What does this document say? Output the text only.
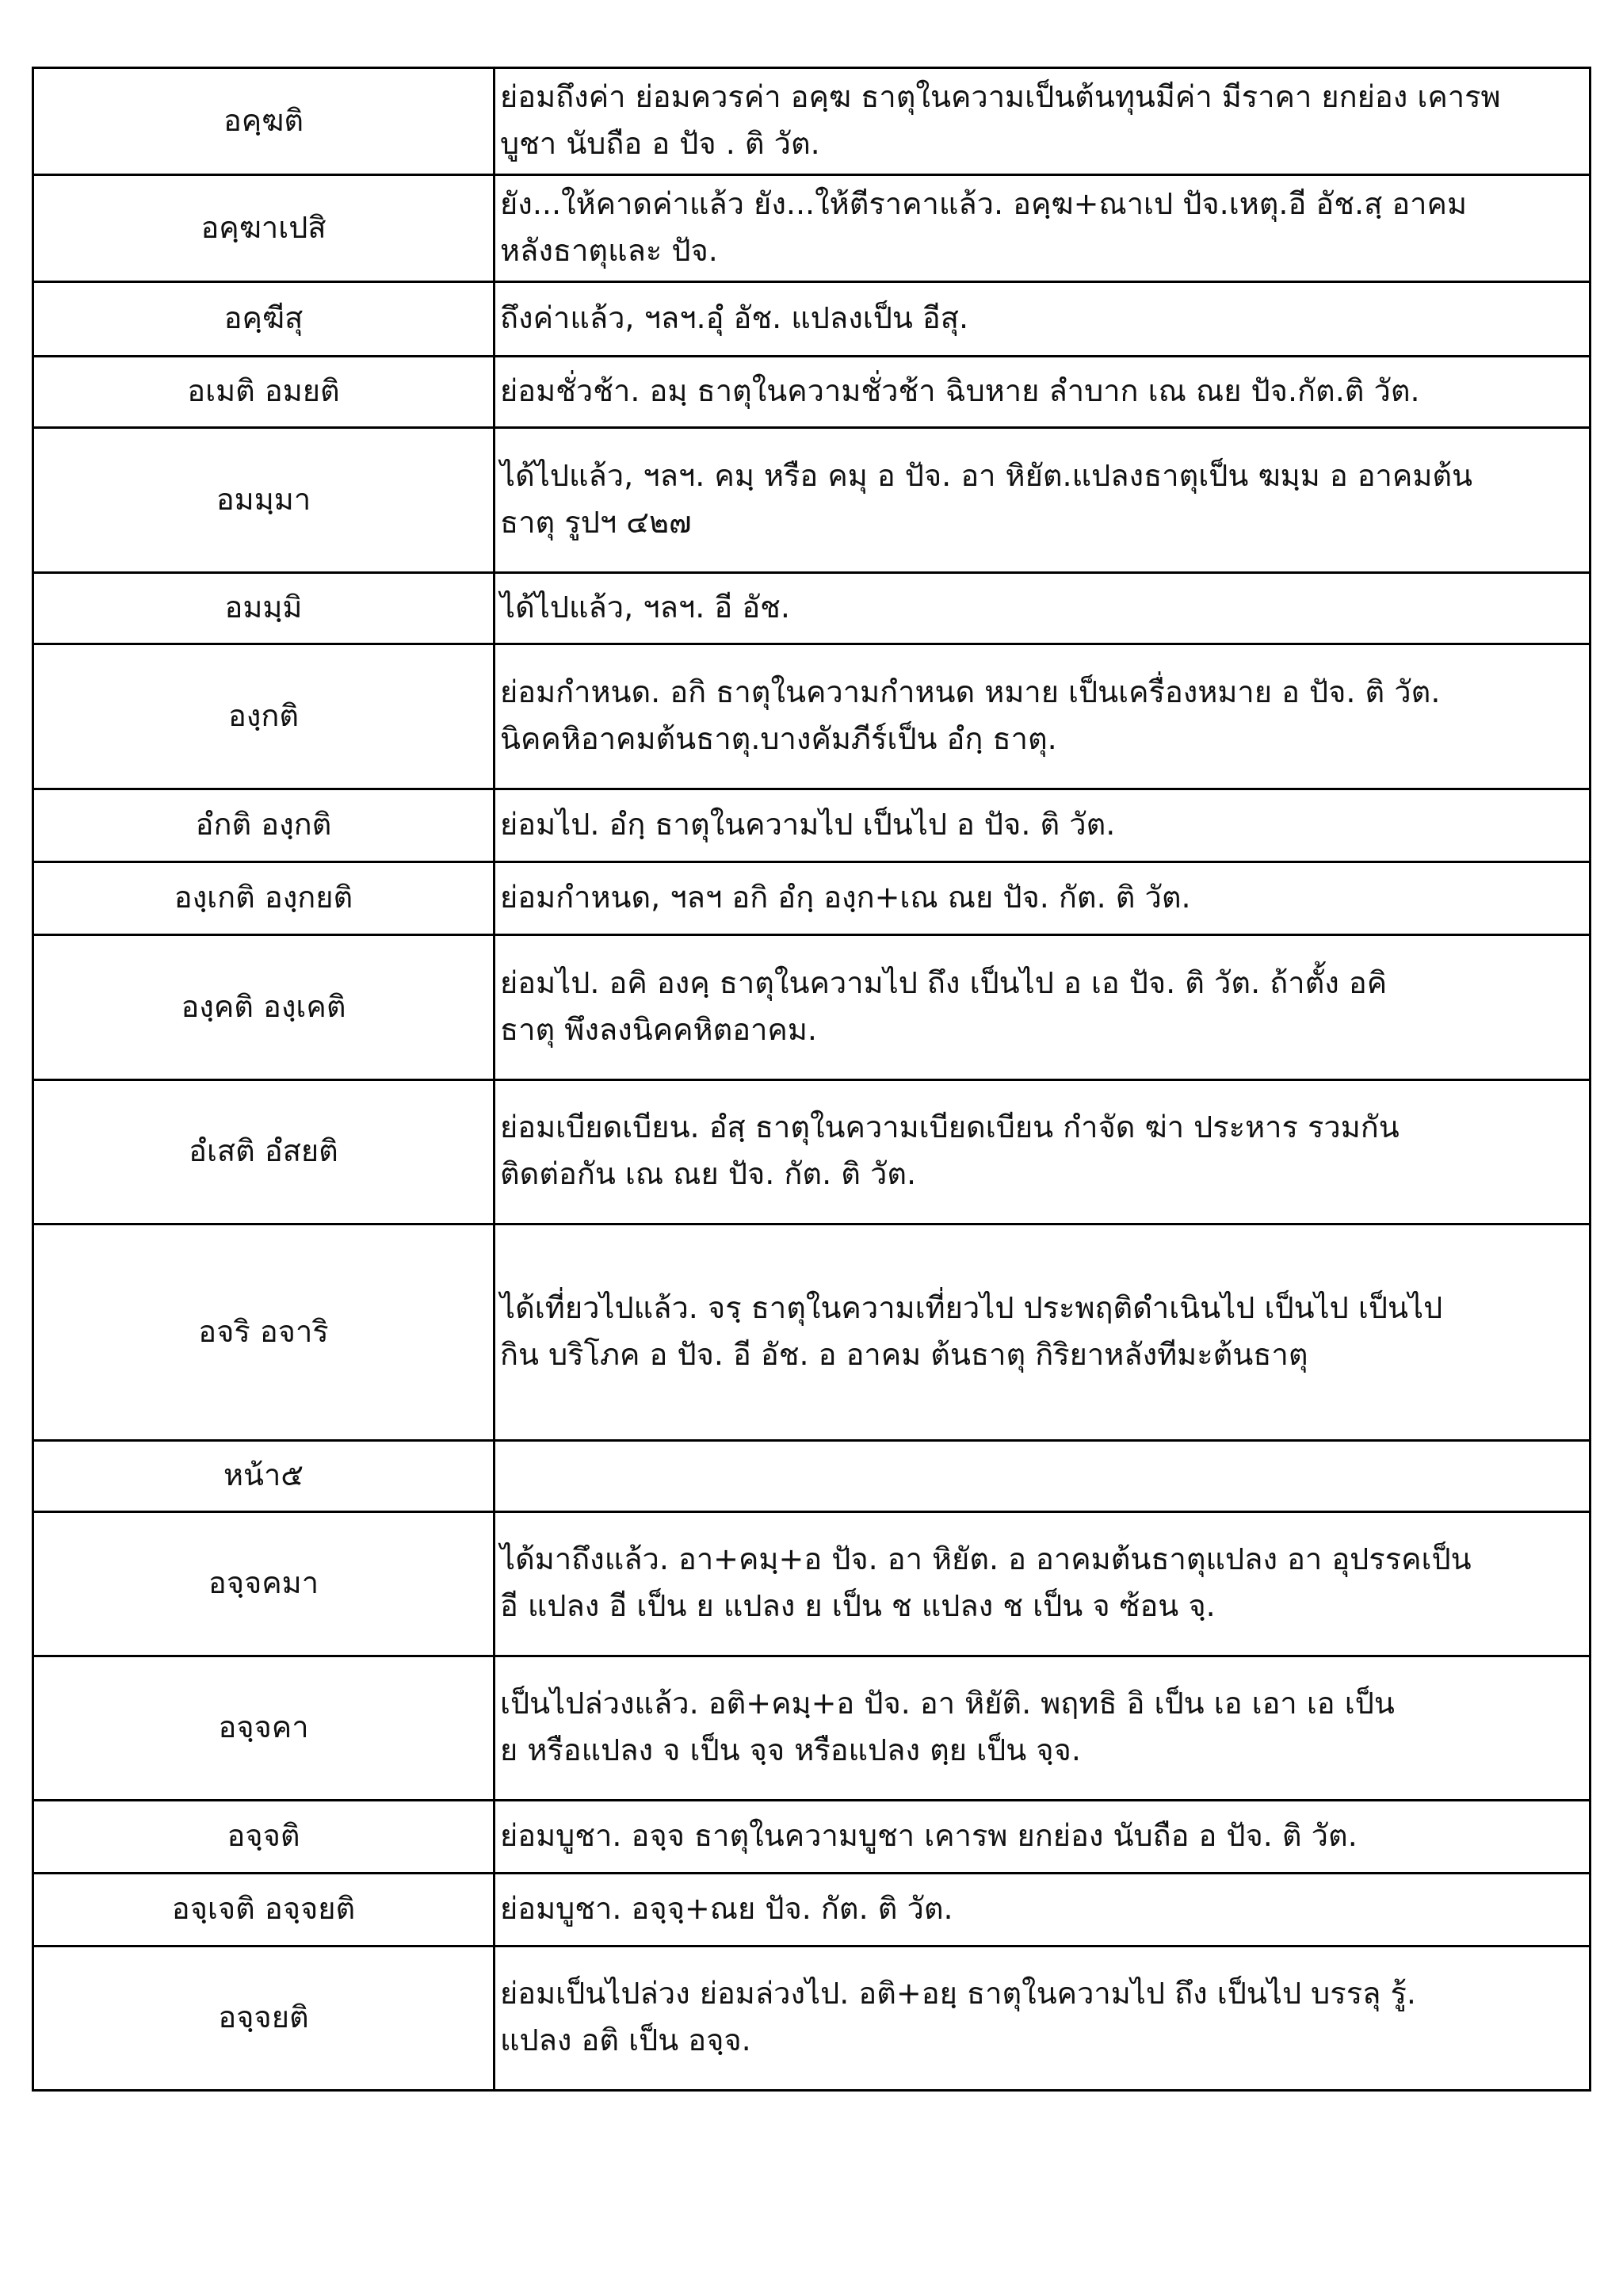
อคฺฆติ	ย่อมถึงค่า ย่อมควรค่า อคฺฆ ธาตุในความเป็นต้นทุนมีค่า มีราคา ยกย่อง เคารพ
บูชา นับถือ อ ปัจ . ติ วัต.

อคฺฆาเปสิ	ยัง...ให้คาดค่าแล้ว ยัง...ให้ตีราคาแล้ว. อคฺฆ+ณาเป ปัจ.เหตุ.อี อัช.สฺ อาคม
หลังธาตุและ ปัจ.

อคฺฆีสุ	ถึงค่าแล้ว, ฯลฯ.อุํ อัช. แปลงเป็น อีสุ.

อเมติ อมยติ	ย่อมชั่วช้า. อมฺ ธาตุในความชั่วช้า ฉิบหาย ลำบาก เณ ณย ปัจ.กัต.ติ วัต.

อมมฺมา	ได้ไปแล้ว, ฯลฯ. คมฺ หรือ คมุ อ ปัจ. อา หิยัต.แปลงธาตุเป็น ฆมฺม อ อาคมต้น
ธาตุ รูปฯ ๔๒๗

อมมฺมิ	ได้ไปแล้ว, ฯลฯ. อี อัช.

องฺกติ	ย่อมกำหนด. อกิ ธาตุในความกำหนด หมาย เป็นเครื่องหมาย อ ปัจ. ติ วัต.
นิคคหิอาคมต้นธาตุ.บางคัมภีร์เป็น อํกฺ ธาตุ.

อํกติ องฺกติ	ย่อมไป. อํกฺ ธาตุในความไป เป็นไป อ ปัจ. ติ วัต.

องฺเกติ องฺกยติ	ย่อมกำหนด, ฯลฯ อกิ อํกฺ องฺก+เณ ณย ปัจ. กัต. ติ วัต.

องฺคติ องฺเคติ	ย่อมไป. อคิ องคฺ ธาตุในความไป ถึง เป็นไป อ เอ ปัจ. ติ วัต. ถ้าตั้ง อคิ
ธาตุ พึงลงนิคคหิตอาคม.

อํเสติ อํสยติ	ย่อมเบียดเบียน. อํสฺ ธาตุในความเบียดเบียน กำจัด ฆ่า ประหาร รวมกัน
ติดต่อกัน เณ ณย ปัจ. กัต. ติ วัต.

อจริ อจาริ	ได้เที่ยวไปแล้ว. จรฺ ธาตุในความเที่ยวไป ประพฤติดำเนินไป เป็นไป เป็นไป
กิน บริโภค อ ปัจ. อี อัช. อ อาคม ต้นธาตุ กิริยาหลังทีมะต้นธาตุ

หน้า๕	
อจฺจคมา	ได้มาถึงแล้ว. อา+คมฺ+อ ปัจ. อา หิยัต. อ อาคมต้นธาตุแปลง อา อุปรรคเป็น
อี แปลง อี เป็น ย แปลง ย เป็น ช แปลง ช เป็น จ ซ้อน จฺ.

อจฺจคา	เป็นไปล่วงแล้ว. อติ+คมฺ+อ ปัจ. อา หิยัติ. พฤทธิ อิ เป็น เอ เอา เอ เป็น
ย หรือแปลง จ เป็น จฺจ หรือแปลง ตฺย เป็น จฺจ.

อจฺจติ	ย่อมบูชา. อจฺจ ธาตุในความบูชา เคารพ ยกย่อง นับถือ อ ปัจ. ติ วัต.

อจฺเจติ อจฺจยติ	ย่อมบูชา. อจฺจฺ+ณย ปัจ. กัต. ติ วัต.

อจฺจยติ	ย่อมเป็นไปล่วง ย่อมล่วงไป. อติ+อยฺ ธาตุในความไป ถึง เป็นไป บรรลุ รู้.
แปลง อติ เป็น อจฺจ.
